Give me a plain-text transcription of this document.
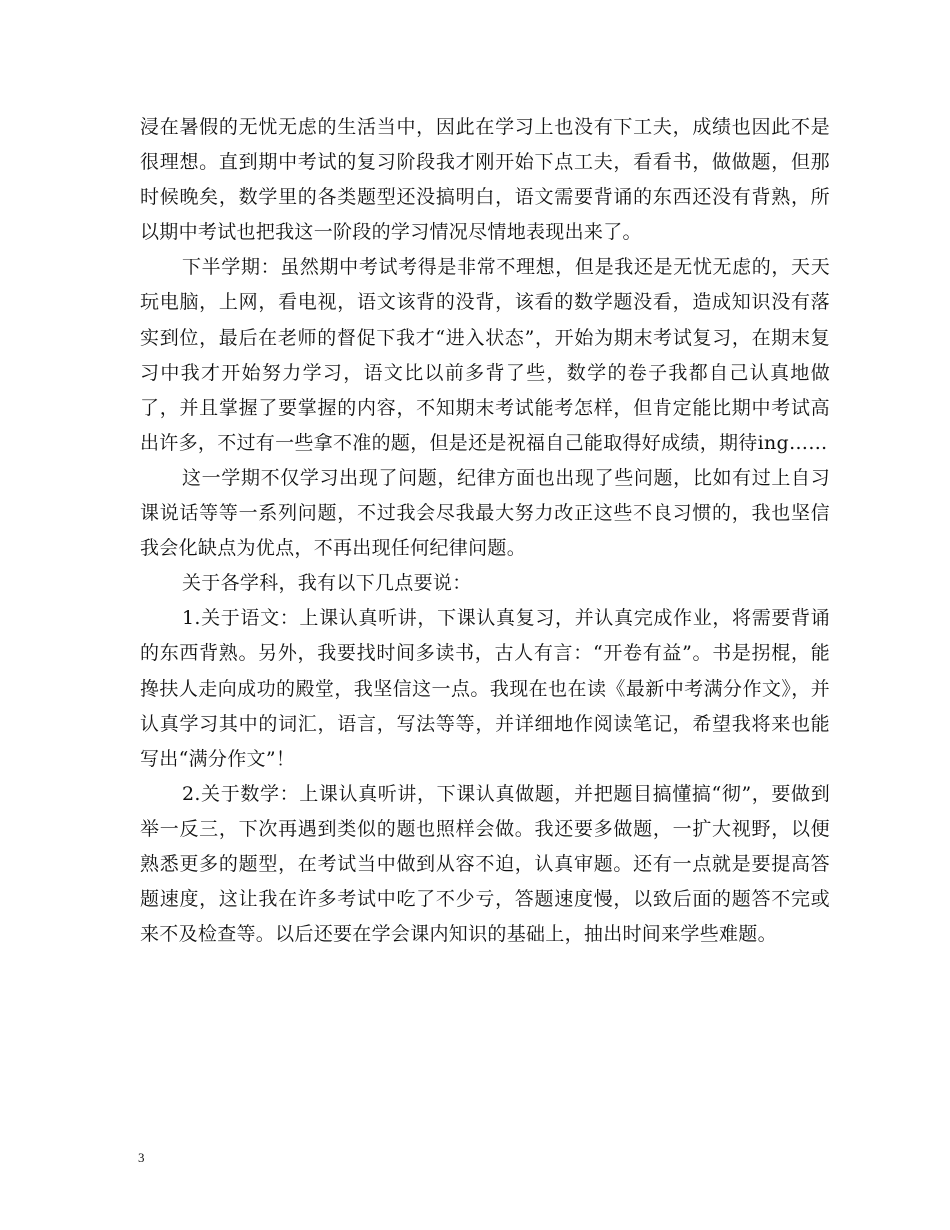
浸在暑假的无忧无虑的生活当中，因此在学习上也没有下工夫，成绩也因此不是很理想。直到期中考试的复习阶段我才刚开始下点工夫，看看书，做做题，但那时候晚矣，数学里的各类题型还没搞明白，语文需要背诵的东西还没有背熟，所以期中考试也把我这一阶段的学习情况尽情地表现出来了。

下半学期：虽然期中考试考得是非常不理想，但是我还是无忧无虑的，天天玩电脑，上网，看电视，语文该背的没背，该看的数学题没看，造成知识没有落实到位，最后在老师的督促下我才“进入状态”，开始为期末考试复习，在期末复习中我才开始努力学习，语文比以前多背了些，数学的卷子我都自己认真地做了，并且掌握了要掌握的内容，不知期末考试能考怎样，但肯定能比期中考试高出许多，不过有一些拿不准的题，但是还是祝福自己能取得好成绩，期待ing……

这一学期不仅学习出现了问题，纪律方面也出现了些问题，比如有过上自习课说话等等一系列问题，不过我会尽我最大努力改正这些不良习惯的，我也坚信我会化缺点为优点，不再出现任何纪律问题。

关于各学科，我有以下几点要说：

1.关于语文：上课认真听讲，下课认真复习，并认真完成作业，将需要背诵的东西背熟。另外，我要找时间多读书，古人有言：“开卷有益”。书是拐棍，能搀扶人走向成功的殿堂，我坚信这一点。我现在也在读《最新中考满分作文》，并认真学习其中的词汇，语言，写法等等，并详细地作阅读笔记，希望我将来也能写出“满分作文”！

2.关于数学：上课认真听讲，下课认真做题，并把题目搞懂搞“彻”，要做到举一反三，下次再遇到类似的题也照样会做。我还要多做题，一扩大视野，以便熟悉更多的题型，在考试当中做到从容不迫，认真审题。还有一点就是要提高答题速度，这让我在许多考试中吃了不少亏，答题速度慢，以致后面的题答不完或来不及检查等。以后还要在学会课内知识的基础上，抽出时间来学些难题。

3
